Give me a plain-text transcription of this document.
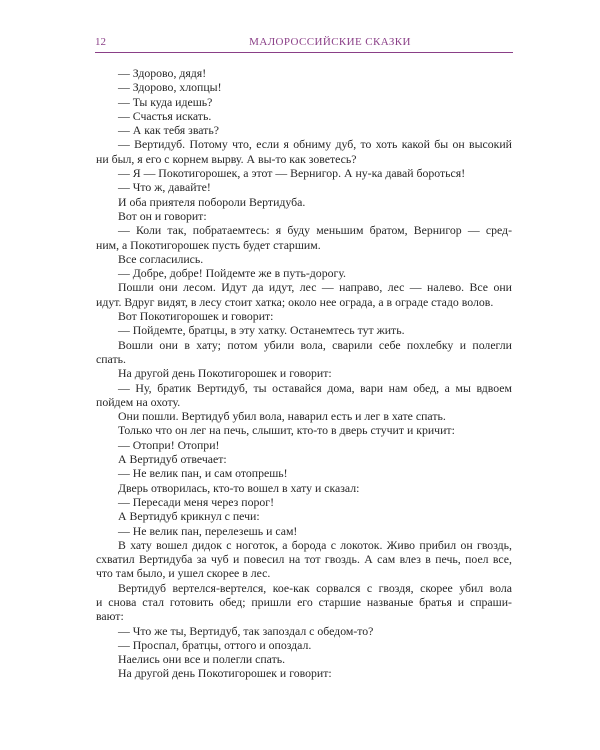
12	МАЛОРОССИЙСКИЕ СКАЗКИ
— Здорово, дядя!
— Здорово, хлопцы!
— Ты куда идешь?
— Счастья искать.
— А как тебя звать?
— Вертидуб. Потому что, если я обниму дуб, то хоть какой бы он высокий
ни был, я его с корнем вырву. А вы-то как зоветесь?
— Я — Покотигорошек, а этот — Вернигор. А ну-ка давай бороться!
— Что ж, давайте!
И оба приятеля побороли Вертидуба.
Вот он и говорит:
— Коли так, побратаемтесь: я буду меньшим братом, Вернигор — сред-
ним, а Покотигорошек пусть будет старшим.
Все согласились.
— Добре, добре! Пойдемте же в путь-дорогу.
Пошли они лесом. Идут да идут, лес — направо, лес — налево. Все они
идут. Вдруг видят, в лесу стоит хатка; около нее ограда, а в ограде стадо волов.
Вот Покотигорошек и говорит:
— Пойдемте, братцы, в эту хатку. Останемтесь тут жить.
Вошли они в хату; потом убили вола, сварили себе похлебку и полегли
спать.
На другой день Покотигорошек и говорит:
— Ну, братик Вертидуб, ты оставайся дома, вари нам обед, а мы вдвоем
пойдем на охоту.
Они пошли. Вертидуб убил вола, наварил есть и лег в хате спать.
Только что он лег на печь, слышит, кто-то в дверь стучит и кричит:
— Отопри! Отопри!
А Вертидуб отвечает:
— Не велик пан, и сам отопрешь!
Дверь отворилась, кто-то вошел в хату и сказал:
— Пересади меня через порог!
А Вертидуб крикнул с печи:
— Не велик пан, перелезешь и сам!
В хату вошел дидок с ноготок, а борода с локоток. Живо прибил он гвоздь,
схватил Вертидуба за чуб и повесил на тот гвоздь. А сам влез в печь, поел все,
что там было, и ушел скорее в лес.
Вертидуб вертелся-вертелся, кое-как сорвался с гвоздя, скорее убил вола
и снова стал готовить обед; пришли его старшие названые братья и спраши-
вают:
— Что же ты, Вертидуб, так запоздал с обедом-то?
— Проспал, братцы, оттого и опоздал.
Наелись они все и полегли спать.
На другой день Покотигорошек и говорит:
